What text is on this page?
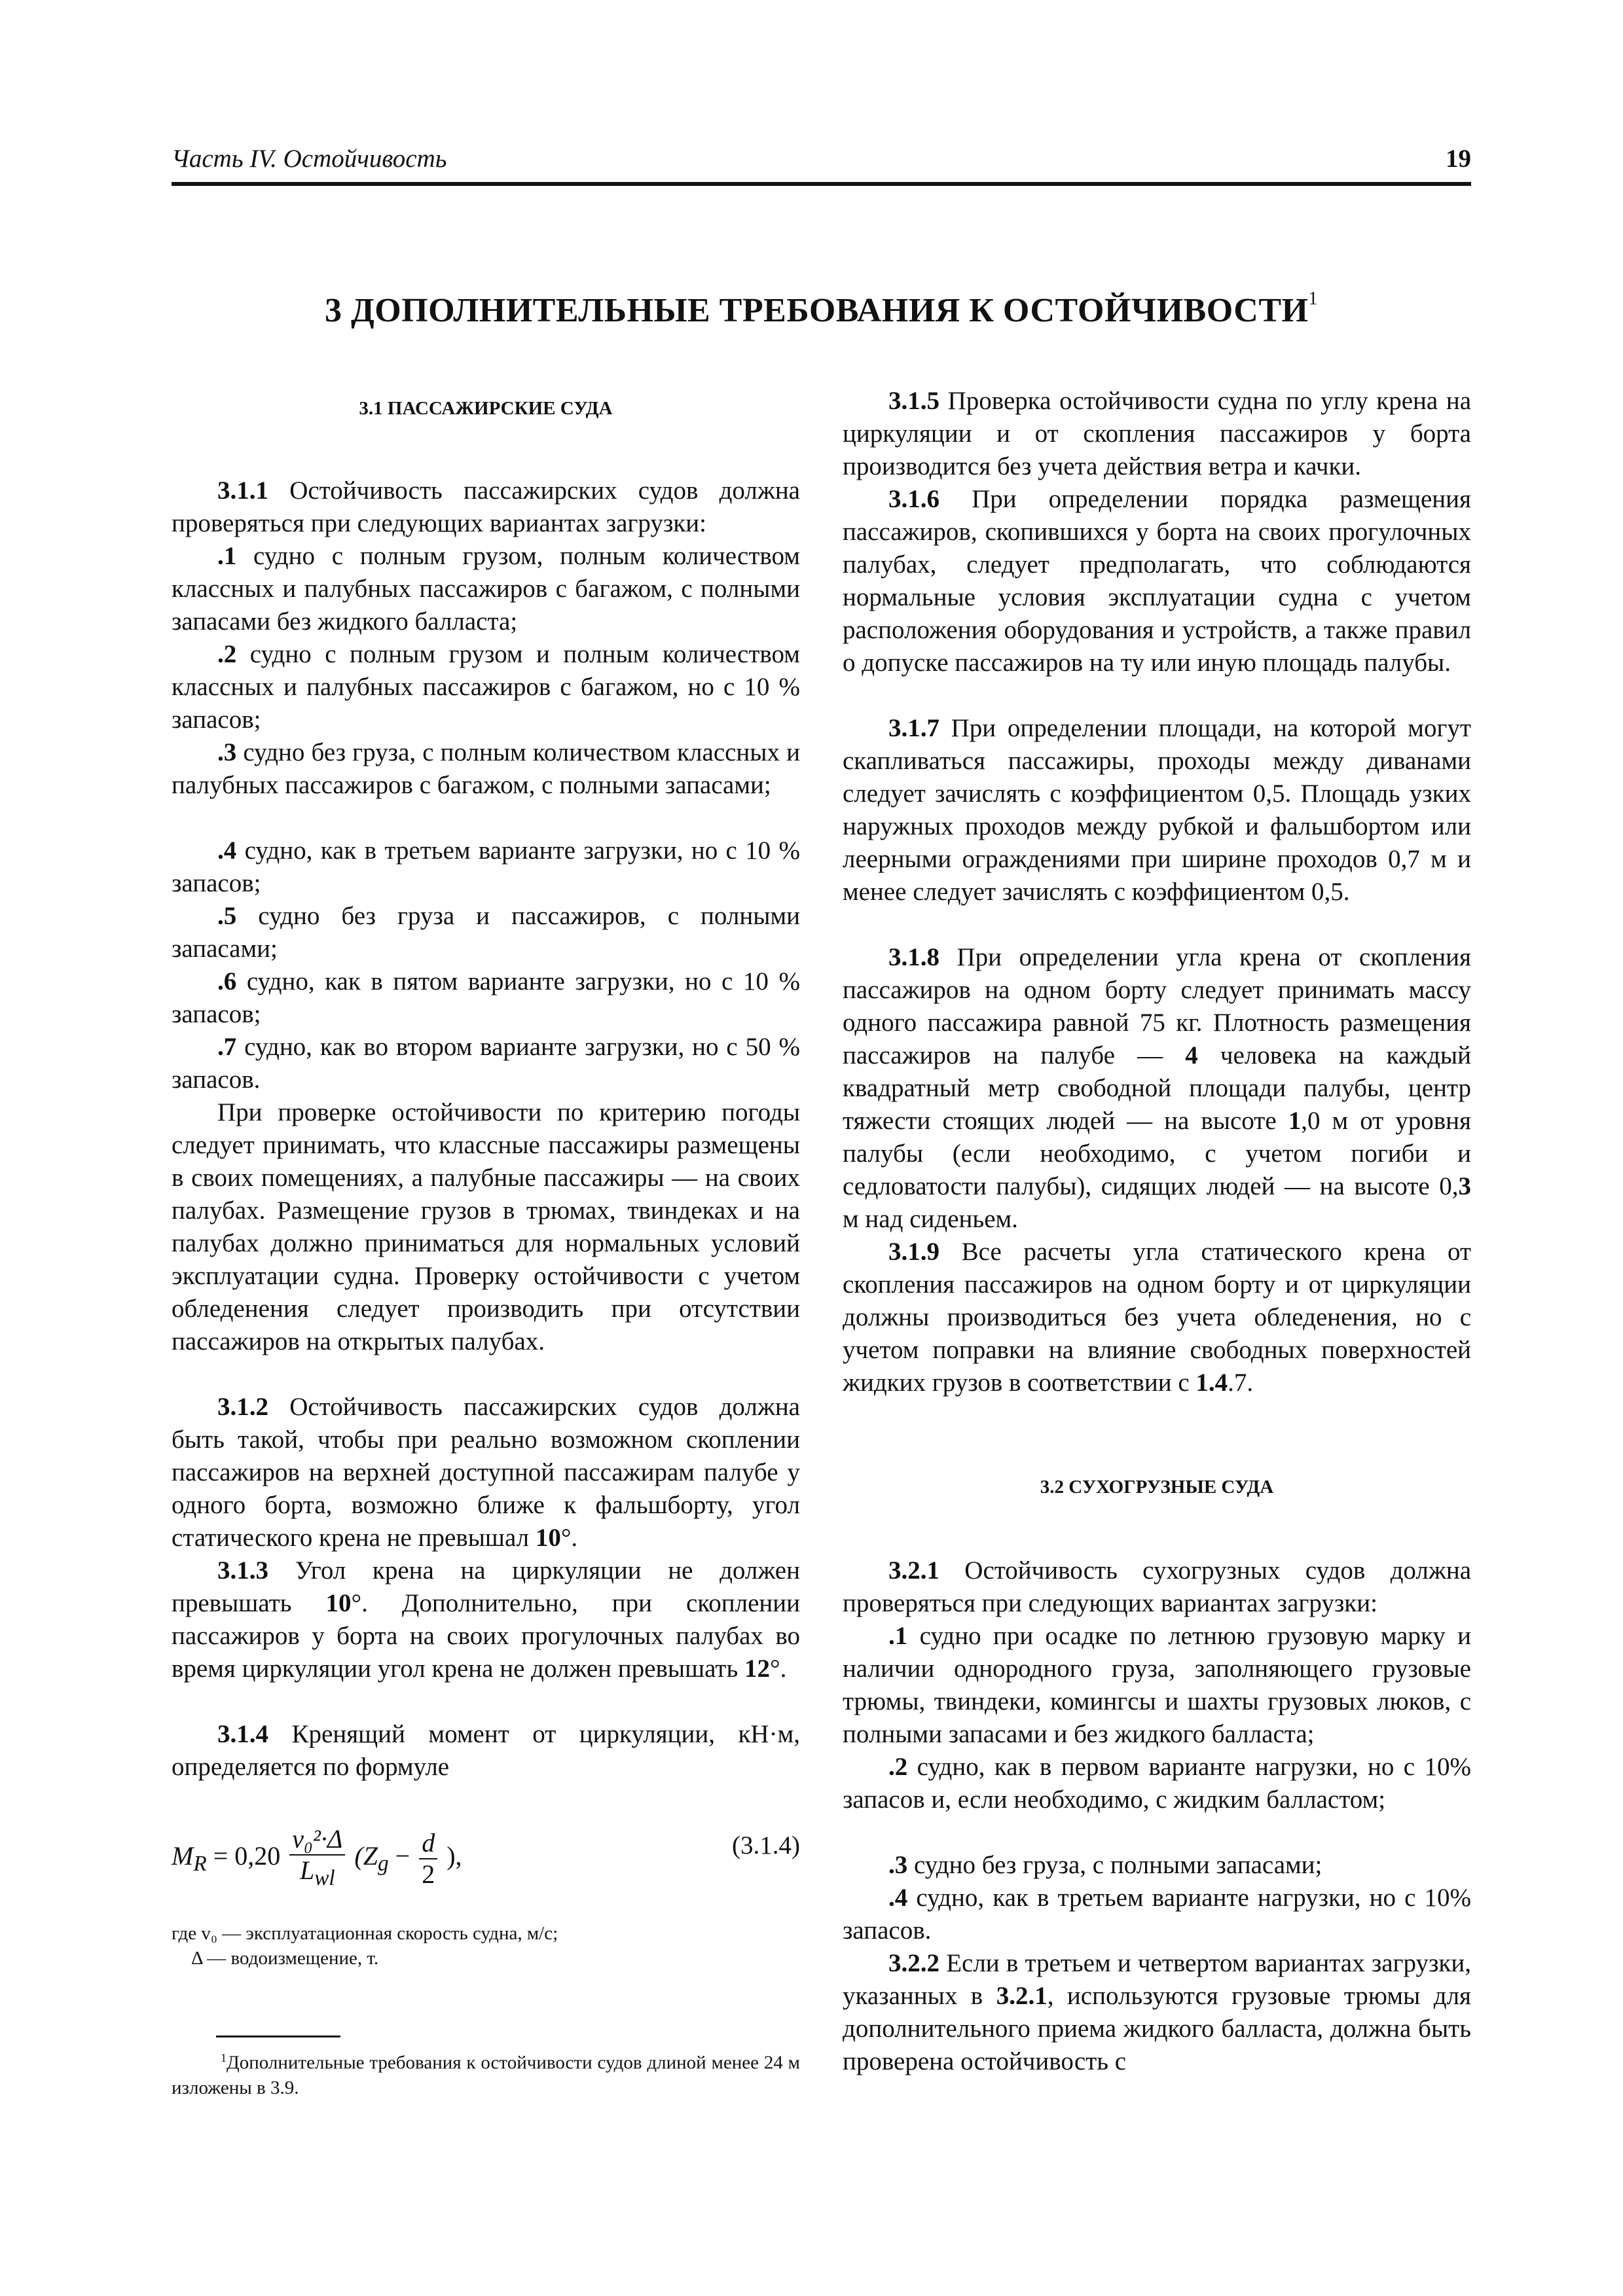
Часть IV. Остойчивость	19
3 ДОПОЛНИТЕЛЬНЫЕ ТРЕБОВАНИЯ К ОСТОЙЧИВОСТИ$^1$
3.1 ПАССАЖИРСКИЕ СУДА

3.1.1 Остойчивость пассажирских судов должна проверяться при следующих вариантах загрузки:

.1 судно с полным грузом, полным количеством классных и палубных пассажиров с багажом, с полными запасами без жидкого балласта;

.2 судно с полным грузом и полным количеством классных и палубных пассажиров с багажом, но с 10 % запасов;

.3 судно без груза, с полным количеством классных и палубных пассажиров с багажом, с полными запасами;

.4 судно, как в третьем варианте загрузки, но с 10 % запасов;

.5 судно без груза и пассажиров, с полными запасами;

.6 судно, как в пятом варианте загрузки, но с 10 % запасов;

.7 судно, как во втором варианте загрузки, но с 50 % запасов.

При проверке остойчивости по критерию погоды следует принимать, что классные пассажиры размещены в своих помещениях, а палубные пассажиры — на своих палубах. Размещение грузов в трюмах, твиндеках и на палубах должно приниматься для нормальных условий эксплуатации судна. Проверку остойчивости с учетом обледенения следует производить при отсутствии пассажиров на открытых палубах.

3.1.2 Остойчивость пассажирских судов должна быть такой, чтобы при реально возможном скоплении пассажиров на верхней доступной пассажирам палубе у одного борта, возможно ближе к фальшборту, угол статического крена не превышал 10°.

3.1.3 Угол крена на циркуляции не должен превышать 10°. Дополнительно, при скоплении пассажиров у борта на своих прогулочных палубах во время циркуляции угол крена не должен превышать 12°.

3.1.4 Кренящий момент от циркуляции, кН·м, определяется по формуле

$M_R = 0,20 \frac{\text{v₀²·Δ}}{L_{wl}} (Z_g - \frac{d}{2}$ ),	(3.1.4)
где v₀ — эксплуатационная скорость судна, м/с;
Δ — водоизмещение, т.
$^1$Дополнительные требования к остойчивости судов длиной менее 24 м изложены в 3.9.

3.1.5 Проверка остойчивости судна по углу крена на циркуляции и от скопления пассажиров у борта производится без учета действия ветра и качки.

3.1.6 При определении порядка размещения пассажиров, скопившихся у борта на своих прогулочных палубах, следует предполагать, что соблюдаются нормальные условия эксплуатации судна с учетом расположения оборудования и устройств, а также правил о допуске пассажиров на ту или иную площадь палубы.

3.1.7 При определении площади, на которой могут скапливаться пассажиры, проходы между диванами следует зачислять с коэффициентом 0,5. Площадь узких наружных проходов между рубкой и фальшбортом или леерными ограждениями при ширине проходов 0,7 м и менее следует зачислять с коэффициентом 0,5.

3.1.8 При определении угла крена от скопления пассажиров на одном борту следует принимать массу одного пассажира равной 75 кг. Плотность размещения пассажиров на палубе — 4 человека на каждый квадратный метр свободной площади палубы, центр тяжести стоящих людей — на высоте 1,0 м от уровня палубы (если необходимо, с учетом погиби и седловатости палубы), сидящих людей — на высоте 0,3 м над сиденьем.

3.1.9 Все расчеты угла статического крена от скопления пассажиров на одном борту и от циркуляции должны производиться без учета обледенения, но с учетом поправки на влияние свободных поверхностей жидких грузов в соответствии с 1.4.7.

3.2 СУХОГРУЗНЫЕ СУДА

3.2.1 Остойчивость сухогрузных судов должна проверяться при следующих вариантах загрузки:

.1 судно при осадке по летнюю грузовую марку и наличии однородного груза, заполняющего грузовые трюмы, твиндеки, комингсы и шахты грузовых люков, с полными запасами и без жидкого балласта;

.2 судно, как в первом варианте нагрузки, но с 10% запасов и, если необходимо, с жидким балластом;

.3 судно без груза, с полными запасами;

.4 судно, как в третьем варианте нагрузки, но с 10% запасов.

3.2.2 Если в третьем и четвертом вариантах загрузки, указанных в 3.2.1, используются грузовые трюмы для дополнительного приема жидкого балласта, должна быть проверена остойчивость с
